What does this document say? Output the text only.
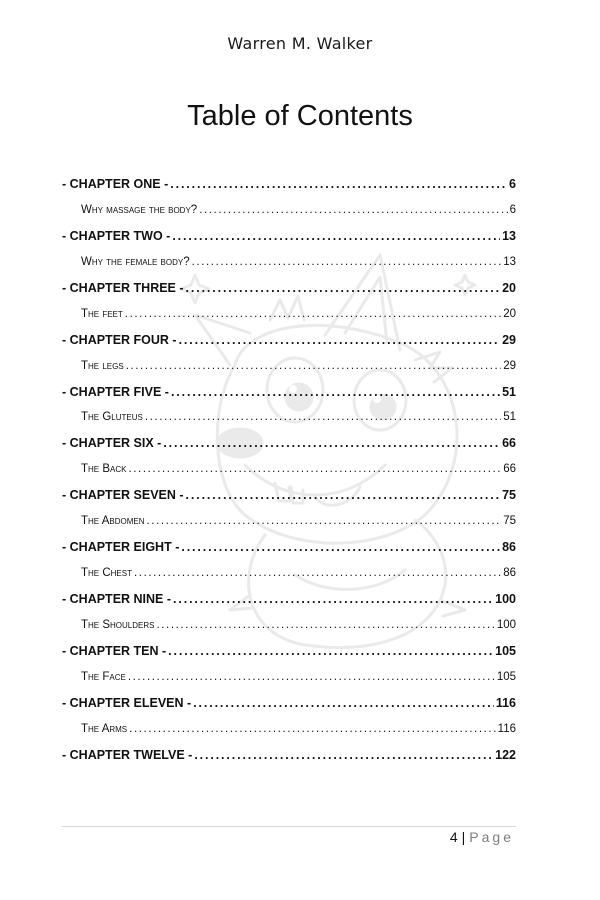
Warren M. Walker
Table of Contents
- CHAPTER ONE - . . .	6
Why massage the body? . . .	6
- CHAPTER TWO - . . .	13
Why the female body? . . .	13
- CHAPTER THREE - . . .	20
The feet . . .	20
- CHAPTER FOUR - . . .	29
The legs . . .	29
- CHAPTER FIVE - . . .	51
The Gluteus . . .	51
- CHAPTER SIX - . . .	66
The Back . . .	66
- CHAPTER SEVEN - . . .	75
The Abdomen . . .	75
- CHAPTER EIGHT - . . .	86
The Chest . . .	86
- CHAPTER NINE - . . .	100
The Shoulders . . .	100
- CHAPTER TEN - . . .	105
The Face . . .	105
- CHAPTER ELEVEN - . . .	116
The Arms . . .	116
- CHAPTER TWELVE - . . .	122
4 | Page
